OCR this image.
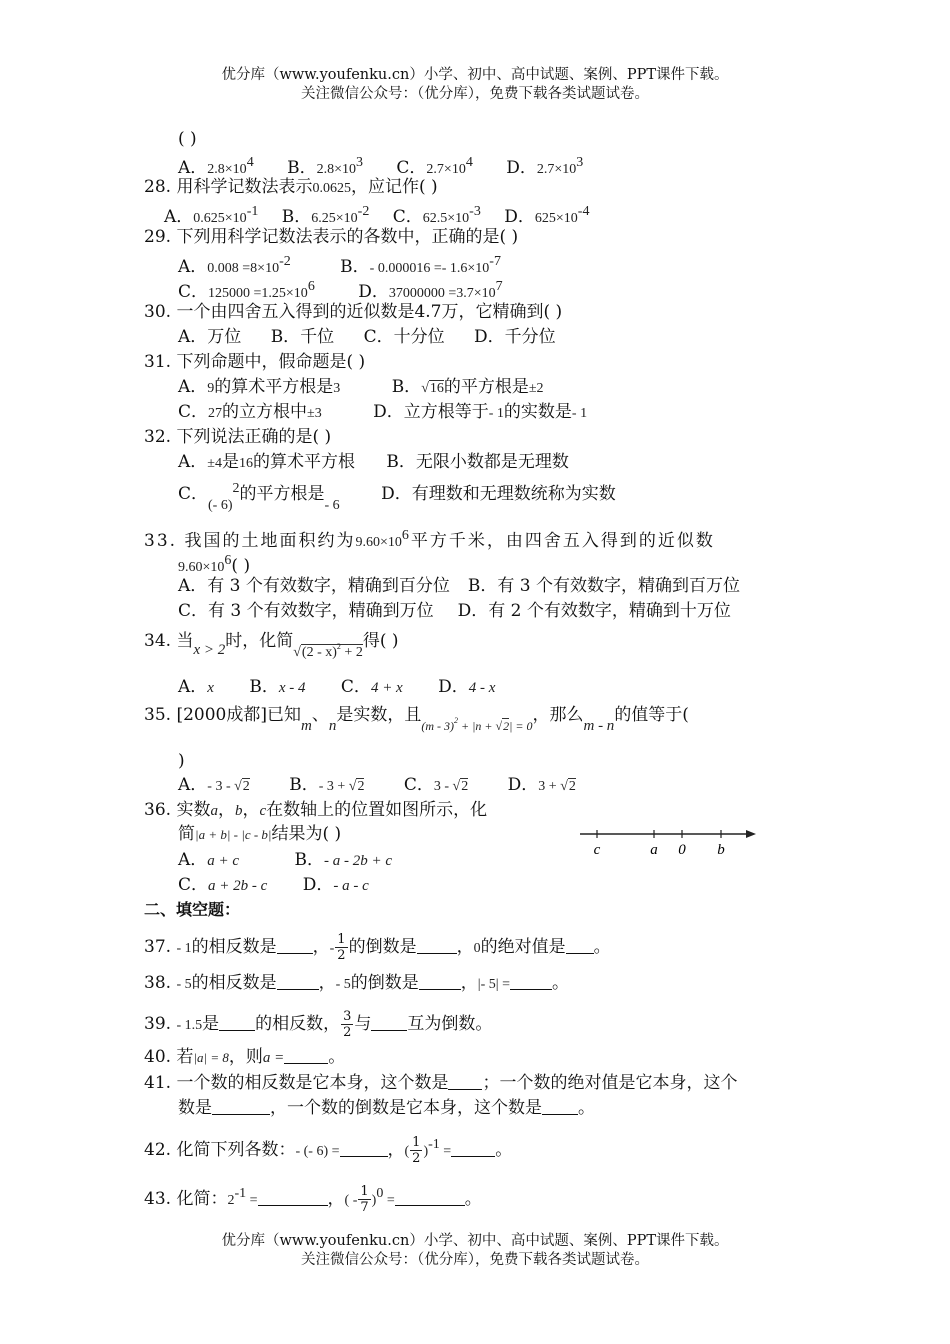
优分库（www.youfenku.cn）小学、初中、高中试题、案例、PPT课件下载。
关注微信公众号：（优分库），免费下载各类试题试卷。
( )
A．$2.8\times 10^4$ B．$2.8\times 10^3$ C．$2.7\times 10^4$ D．$2.7\times 10^3$
28. 用科学记数法表示0.0625，应记作( )
A．$0.625\times 10^{-1}$ B．$6.25\times 10^{-2}$ C．$62.5\times 10^{-3}$ D．$625\times 10^{-4}$
29. 下列用科学记数法表示的各数中，正确的是( )
A．$0.008 =8\times 10^{-2}$	B．- $0.000016 =- 1.6\times 10^{-7}$
C．$125000 =1.25\times 10^6$	D．$37000000 =3.7\times 10^7$
30. 一个由四舍五入得到的近似数是4.7万，它精确到( )
A．万位 B．千位 C．十分位 D．千分位
31. 下列命题中，假命题是( )
A．9的算术平方根是3	B．√16的平方根是±2
C．27的立方根中±3	D．立方根等于- 1的实数是- 1
32. 下列说法正确的是( )
A．±4是16的算术平方根 B．无限小数都是无理数
C．$_{(- 6)}^2$的平方根是$_{- 6}$ D．有理数和无理数统称为实数
33. 我国的土地面积约为$9.60\times 10^6$平方千米，由四舍五入得到的近似数
$9.60\times 10^6$( )
A．有 3 个有效数字，精确到百分位 B．有 3 个有效数字，精确到百万位
C．有 3 个有效数字，精确到万位 D．有 2 个有效数字，精确到十万位
34. 当x > 2时，化简$_{√(2 - x)^2 + 2}$得( )
A．x B．x - 4 C．4 + x D．4 - x
35. [2000成都]已知m、n是实数，且$_{(m - 3)^2 + |n + √2| = 0}$，那么m - n的值等于(
)
A．- 3 - √2 B．- 3 + √2 C．3 - √2 D．3 + √2
36. 实数a，b，c在数轴上的位置如图所示，化
简|a + b| - |c - b|结果为( )
A．a + c	B．- a - 2b + c
C．a + 2b - c D．- a - c
c	a 0 b
二、填空题：
37. - 1的相反数是 ，- $\frac{1}{2}$ 的倒数是 ，0的绝对值是 。
38. - 5的相反数是 ，- 5的倒数是 ，|- 5| = 。
39. - 1.5是 的相反数， $\frac{3}{2}$ 与 互为倒数。
40. 若|a| = 8，则a =	。
41. 一个数的相反数是它本身，这个数是 ；一个数的绝对值是它本身，这个
数是	，一个数的倒数是它本身，这个数是 。
42. 化简下列各数：- (- 6) =	，( $\frac{1}{2} )^{-1}$ =	。
43. 化简：$2^{-1}$ =	，( - $\frac{1}{7} )^0$ =	。
优分库（www.youfenku.cn）小学、初中、高中试题、案例、PPT课件下载。
关注微信公众号：（优分库），免费下载各类试题试卷。
